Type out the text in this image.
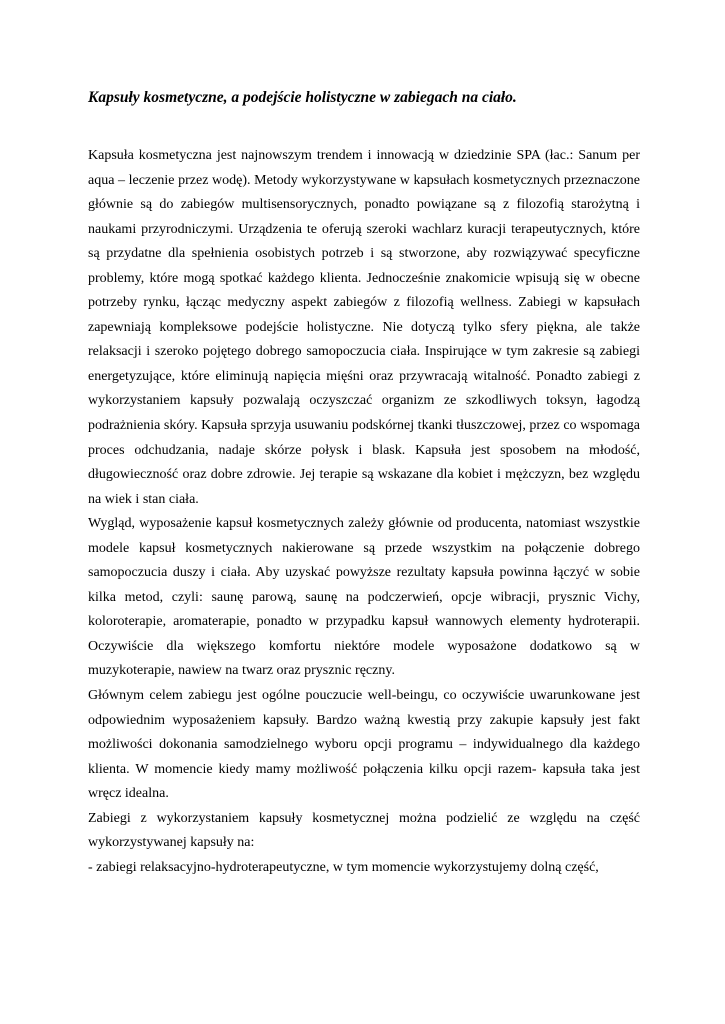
Kapsuły kosmetyczne, a podejście holistyczne w zabiegach na ciało.

Kapsuła kosmetyczna jest najnowszym trendem i innowacją w dziedzinie SPA (łac.: Sanum per aqua – leczenie przez wodę). Metody wykorzystywane w kapsułach kosmetycznych przeznaczone głównie są do zabiegów multisensorycznych, ponadto powiązane są z filozofią starożytną i naukami przyrodniczymi. Urządzenia te oferują szeroki wachlarz kuracji terapeutycznych, które są przydatne dla spełnienia osobistych potrzeb i są stworzone, aby rozwiązywać specyficzne problemy, które mogą spotkać każdego klienta. Jednocześnie znakomicie wpisują się w obecne potrzeby rynku, łącząc medyczny aspekt zabiegów z filozofią wellness. Zabiegi w kapsułach zapewniają kompleksowe podejście holistyczne. Nie dotyczą tylko sfery piękna, ale także relaksacji i szeroko pojętego dobrego samopoczucia ciała. Inspirujące w tym zakresie są zabiegi energetyzujące, które eliminują napięcia mięśni oraz przywracają witalność. Ponadto zabiegi z wykorzystaniem kapsuły pozwalają oczyszczać organizm ze szkodliwych toksyn, łagodzą podrażnienia skóry. Kapsuła sprzyja usuwaniu podskórnej tkanki tłuszczowej, przez co wspomaga proces odchudzania, nadaje skórze połysk i blask. Kapsuła jest sposobem na młodość, długowieczność oraz dobre zdrowie. Jej terapie są wskazane dla kobiet i mężczyzn, bez względu na wiek i stan ciała.

Wygląd, wyposażenie kapsuł kosmetycznych zależy głównie od producenta, natomiast wszystkie modele kapsuł kosmetycznych nakierowane są przede wszystkim na połączenie dobrego samopoczucia duszy i ciała. Aby uzyskać powyższe rezultaty kapsuła powinna łączyć w sobie kilka metod, czyli: saunę parową, saunę na podczerwień, opcje wibracji, prysznic Vichy, koloroterapie, aromaterapie, ponadto w przypadku kapsuł wannowych elementy hydroterapii. Oczywiście dla większego komfortu niektóre modele wyposażone dodatkowo są w muzykoterapie, nawiew na twarz oraz prysznic ręczny.

Głównym celem zabiegu jest ogólne pouczucie well-beingu, co oczywiście uwarunkowane jest odpowiednim wyposażeniem kapsuły. Bardzo ważną kwestią przy zakupie kapsuły jest fakt możliwości dokonania samodzielnego wyboru opcji programu – indywidualnego dla każdego klienta. W momencie kiedy mamy możliwość połączenia kilku opcji razem- kapsuła taka jest wręcz idealna.

Zabiegi z wykorzystaniem kapsuły kosmetycznej można podzielić ze względu na część wykorzystywanej kapsuły na:

- zabiegi relaksacyjno-hydroterapeutyczne, w tym momencie wykorzystujemy dolną część,
